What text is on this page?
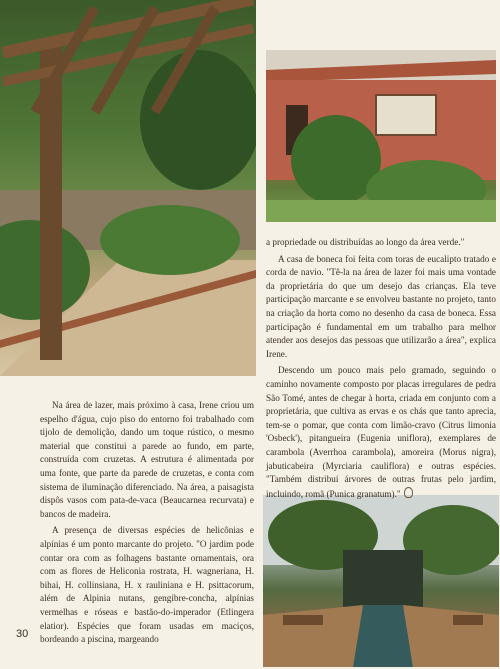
a propriedade ou distribuídas ao longo da área verde."

A casa de boneca foi feita com toras de eucalipto tratado e corda de navio. "Tê-la na área de lazer foi mais uma vontade da proprietária do que um desejo das crianças. Ela teve participação marcante e se envolveu bastante no projeto, tanto na criação da horta como no desenho da casa de boneca. Essa participação é fundamental em um trabalho para melhor atender aos desejos das pessoas que utilizarão a área", explica Irene.

Descendo um pouco mais pelo gramado, seguindo o caminho novamente composto por placas irregulares de pedra São Tomé, antes de chegar à horta, criada em conjunto com a proprietária, que cultiva as ervas e os chás que tanto aprecia, tem-se o pomar, que conta com limão-cravo (Citrus limonia 'Osbeck'), pitangueira (Eugenia uniflora), exemplares de carambola (Averrhoa carambola), amoreira (Morus nigra), jabuticabeira (Myrciaria cauliflora) e outras espécies. "Também distribuí árvores de outras frutas pelo jardim, incluindo, romã (Punica granatum)."

Na área de lazer, mais próximo à casa, Irene criou um espelho d'água, cujo piso do entorno foi trabalhado com tijolo de demolição, dando um toque rústico, o mesmo material que constitui a parede ao fundo, em parte, construída com cruzetas. A estrutura é alimentada por uma fonte, que parte da parede de cruzetas, e conta com sistema de iluminação diferenciado. Na área, a paisagista dispôs vasos com pata-de-vaca (Beaucarnea recurvata) e bancos de madeira.

A presença de diversas espécies de helicônias e alpínias é um ponto marcante do projeto. "O jardim pode contar ora com as folhagens bastante ornamentais, ora com as flores de Heliconia rostrata, H. wagneriana, H. bihai, H. collinsiana, H. x rauliniana e H. psittacorum, além de Alpinia nutans, gengibre-concha, alpínias vermelhas e róseas e bastão-do-imperador (Etlingera elatior). Espécies que foram usadas em maciços, bordeando a piscina, margeando

30
